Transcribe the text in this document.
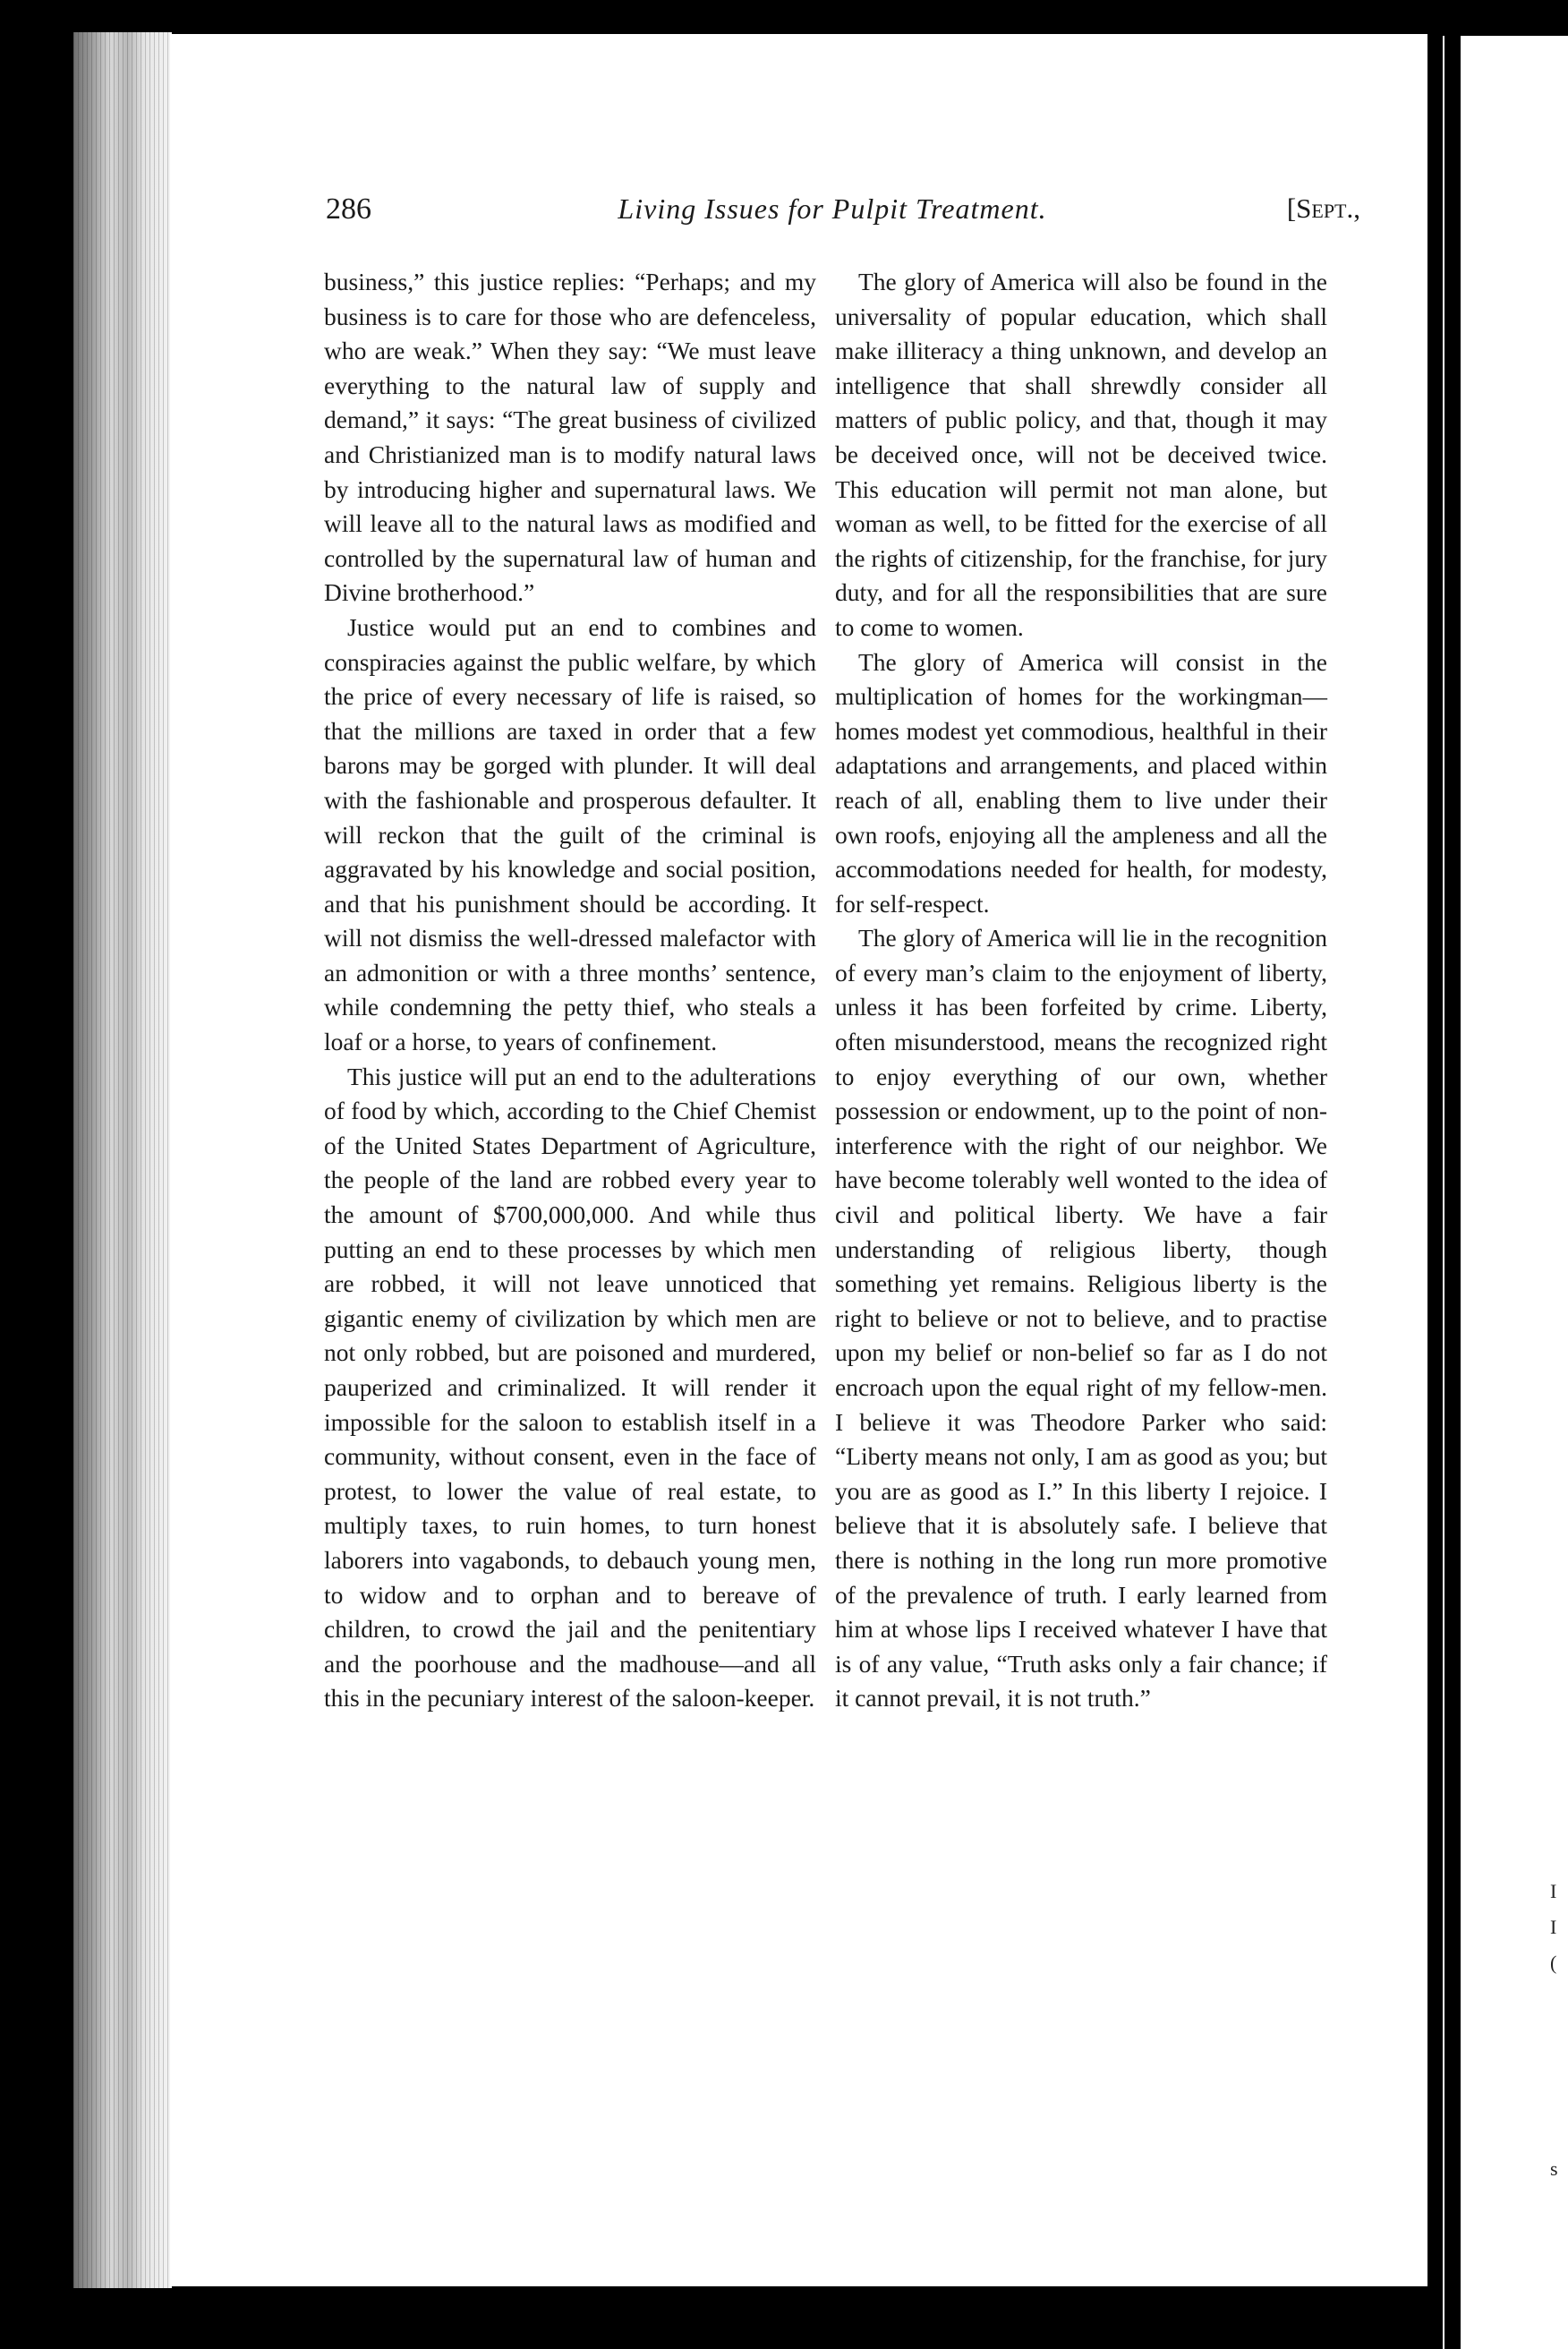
I
I
(
s
286	Living Issues for Pulpit Treatment.	[Sept.,

business,” this justice replies: “Perhaps; and my business is to care for those who are defenceless, who are weak.” When they say: “We must leave everything to the natural law of supply and demand,” it says: “The great business of civilized and Christianized man is to modify natural laws by introducing higher and supernatural laws. We will leave all to the natural laws as modified and controlled by the supernatural law of human and Divine brotherhood.”

Justice would put an end to combines and conspiracies against the public welfare, by which the price of every necessary of life is raised, so that the millions are taxed in order that a few barons may be gorged with plunder. It will deal with the fashionable and prosperous defaulter. It will reckon that the guilt of the criminal is aggravated by his knowledge and social position, and that his punishment should be according. It will not dismiss the well-dressed malefactor with an admonition or with a three months’ sentence, while condemning the petty thief, who steals a loaf or a horse, to years of confinement.

This justice will put an end to the adulterations of food by which, according to the Chief Chemist of the United States Department of Agriculture, the people of the land are robbed every year to the amount of $700,000,000. And while thus putting an end to these processes by which men are robbed, it will not leave unnoticed that gigantic enemy of civilization by which men are not only robbed, but are poisoned and murdered, pauperized and criminalized. It will render it impossible for the saloon to establish itself in a community, without consent, even in the face of protest, to lower the value of real estate, to multiply taxes, to ruin homes, to turn honest laborers into vagabonds, to debauch young men, to widow and to orphan and to bereave of children, to crowd the jail and the penitentiary and the poorhouse and the madhouse—and all this in the pecuniary interest of the saloon-keeper.

The glory of America will also be found in the universality of popular education, which shall make illiteracy a thing unknown, and develop an intelligence that shall shrewdly consider all matters of public policy, and that, though it may be deceived once, will not be deceived twice. This education will permit not man alone, but woman as well, to be fitted for the exercise of all the rights of citizenship, for the franchise, for jury duty, and for all the responsibilities that are sure to come to women.

The glory of America will consist in the multiplication of homes for the workingman—homes modest yet commodious, healthful in their adaptations and arrangements, and placed within reach of all, enabling them to live under their own roofs, enjoying all the ampleness and all the accommodations needed for health, for modesty, for self-respect.

The glory of America will lie in the recognition of every man’s claim to the enjoyment of liberty, unless it has been forfeited by crime. Liberty, often misunderstood, means the recognized right to enjoy everything of our own, whether possession or endowment, up to the point of non-interference with the right of our neighbor. We have become tolerably well wonted to the idea of civil and political liberty. We have a fair understanding of religious liberty, though something yet remains. Religious liberty is the right to believe or not to believe, and to practise upon my belief or non-belief so far as I do not encroach upon the equal right of my fellow-men. I believe it was Theodore Parker who said: “Liberty means not only, I am as good as you; but you are as good as I.” In this liberty I rejoice. I believe that it is absolutely safe. I believe that there is nothing in the long run more promotive of the prevalence of truth. I early learned from him at whose lips I received whatever I have that is of any value, “Truth asks only a fair chance; if it cannot prevail, it is not truth.”
